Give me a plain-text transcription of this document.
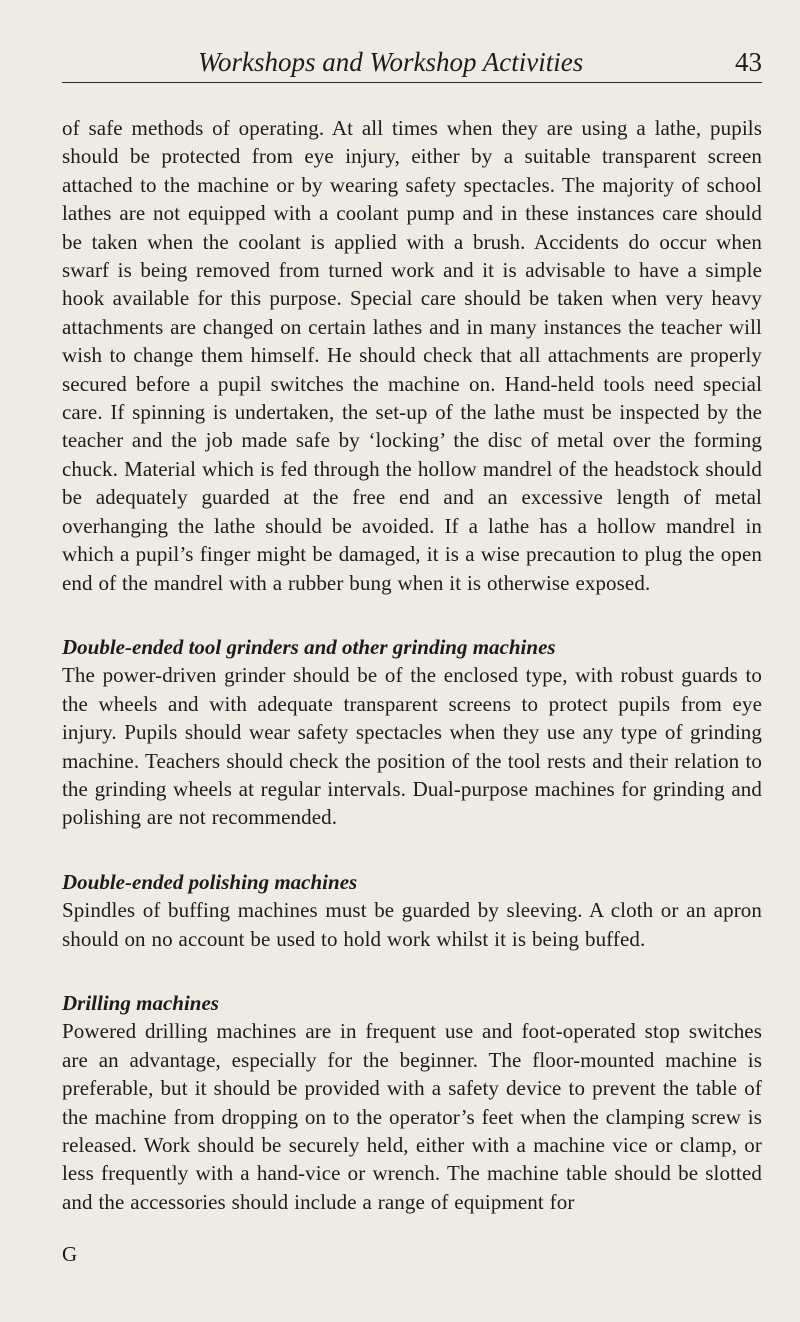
Workshops and Workshop Activities	43

of safe methods of operating. At all times when they are using a lathe, pupils should be protected from eye injury, either by a suitable transparent screen attached to the machine or by wearing safety spectacles. The majority of school lathes are not equipped with a coolant pump and in these instances care should be taken when the coolant is applied with a brush. Accidents do occur when swarf is being removed from turned work and it is advisable to have a simple hook available for this purpose. Special care should be taken when very heavy attachments are changed on certain lathes and in many instances the teacher will wish to change them himself. He should check that all attachments are properly secured before a pupil switches the machine on. Hand-held tools need special care. If spinning is undertaken, the set-up of the lathe must be inspected by the teacher and the job made safe by ‘locking’ the disc of metal over the forming chuck. Material which is fed through the hollow mandrel of the headstock should be adequately guarded at the free end and an excessive length of metal overhanging the lathe should be avoided. If a lathe has a hollow mandrel in which a pupil’s finger might be damaged, it is a wise precaution to plug the open end of the mandrel with a rubber bung when it is otherwise exposed.

Double-ended tool grinders and other grinding machines

The power-driven grinder should be of the enclosed type, with robust guards to the wheels and with adequate transparent screens to protect pupils from eye injury. Pupils should wear safety spectacles when they use any type of grinding machine. Teachers should check the position of the tool rests and their relation to the grinding wheels at regular intervals. Dual-purpose machines for grinding and polishing are not recommended.

Double-ended polishing machines

Spindles of buffing machines must be guarded by sleeving. A cloth or an apron should on no account be used to hold work whilst it is being buffed.

Drilling machines

Powered drilling machines are in frequent use and foot-operated stop switches are an advantage, especially for the beginner. The floor-mounted machine is preferable, but it should be provided with a safety device to prevent the table of the machine from dropping on to the operator’s feet when the clamping screw is released. Work should be securely held, either with a machine vice or clamp, or less frequently with a hand-vice or wrench. The machine table should be slotted and the accessories should include a range of equipment for

G
